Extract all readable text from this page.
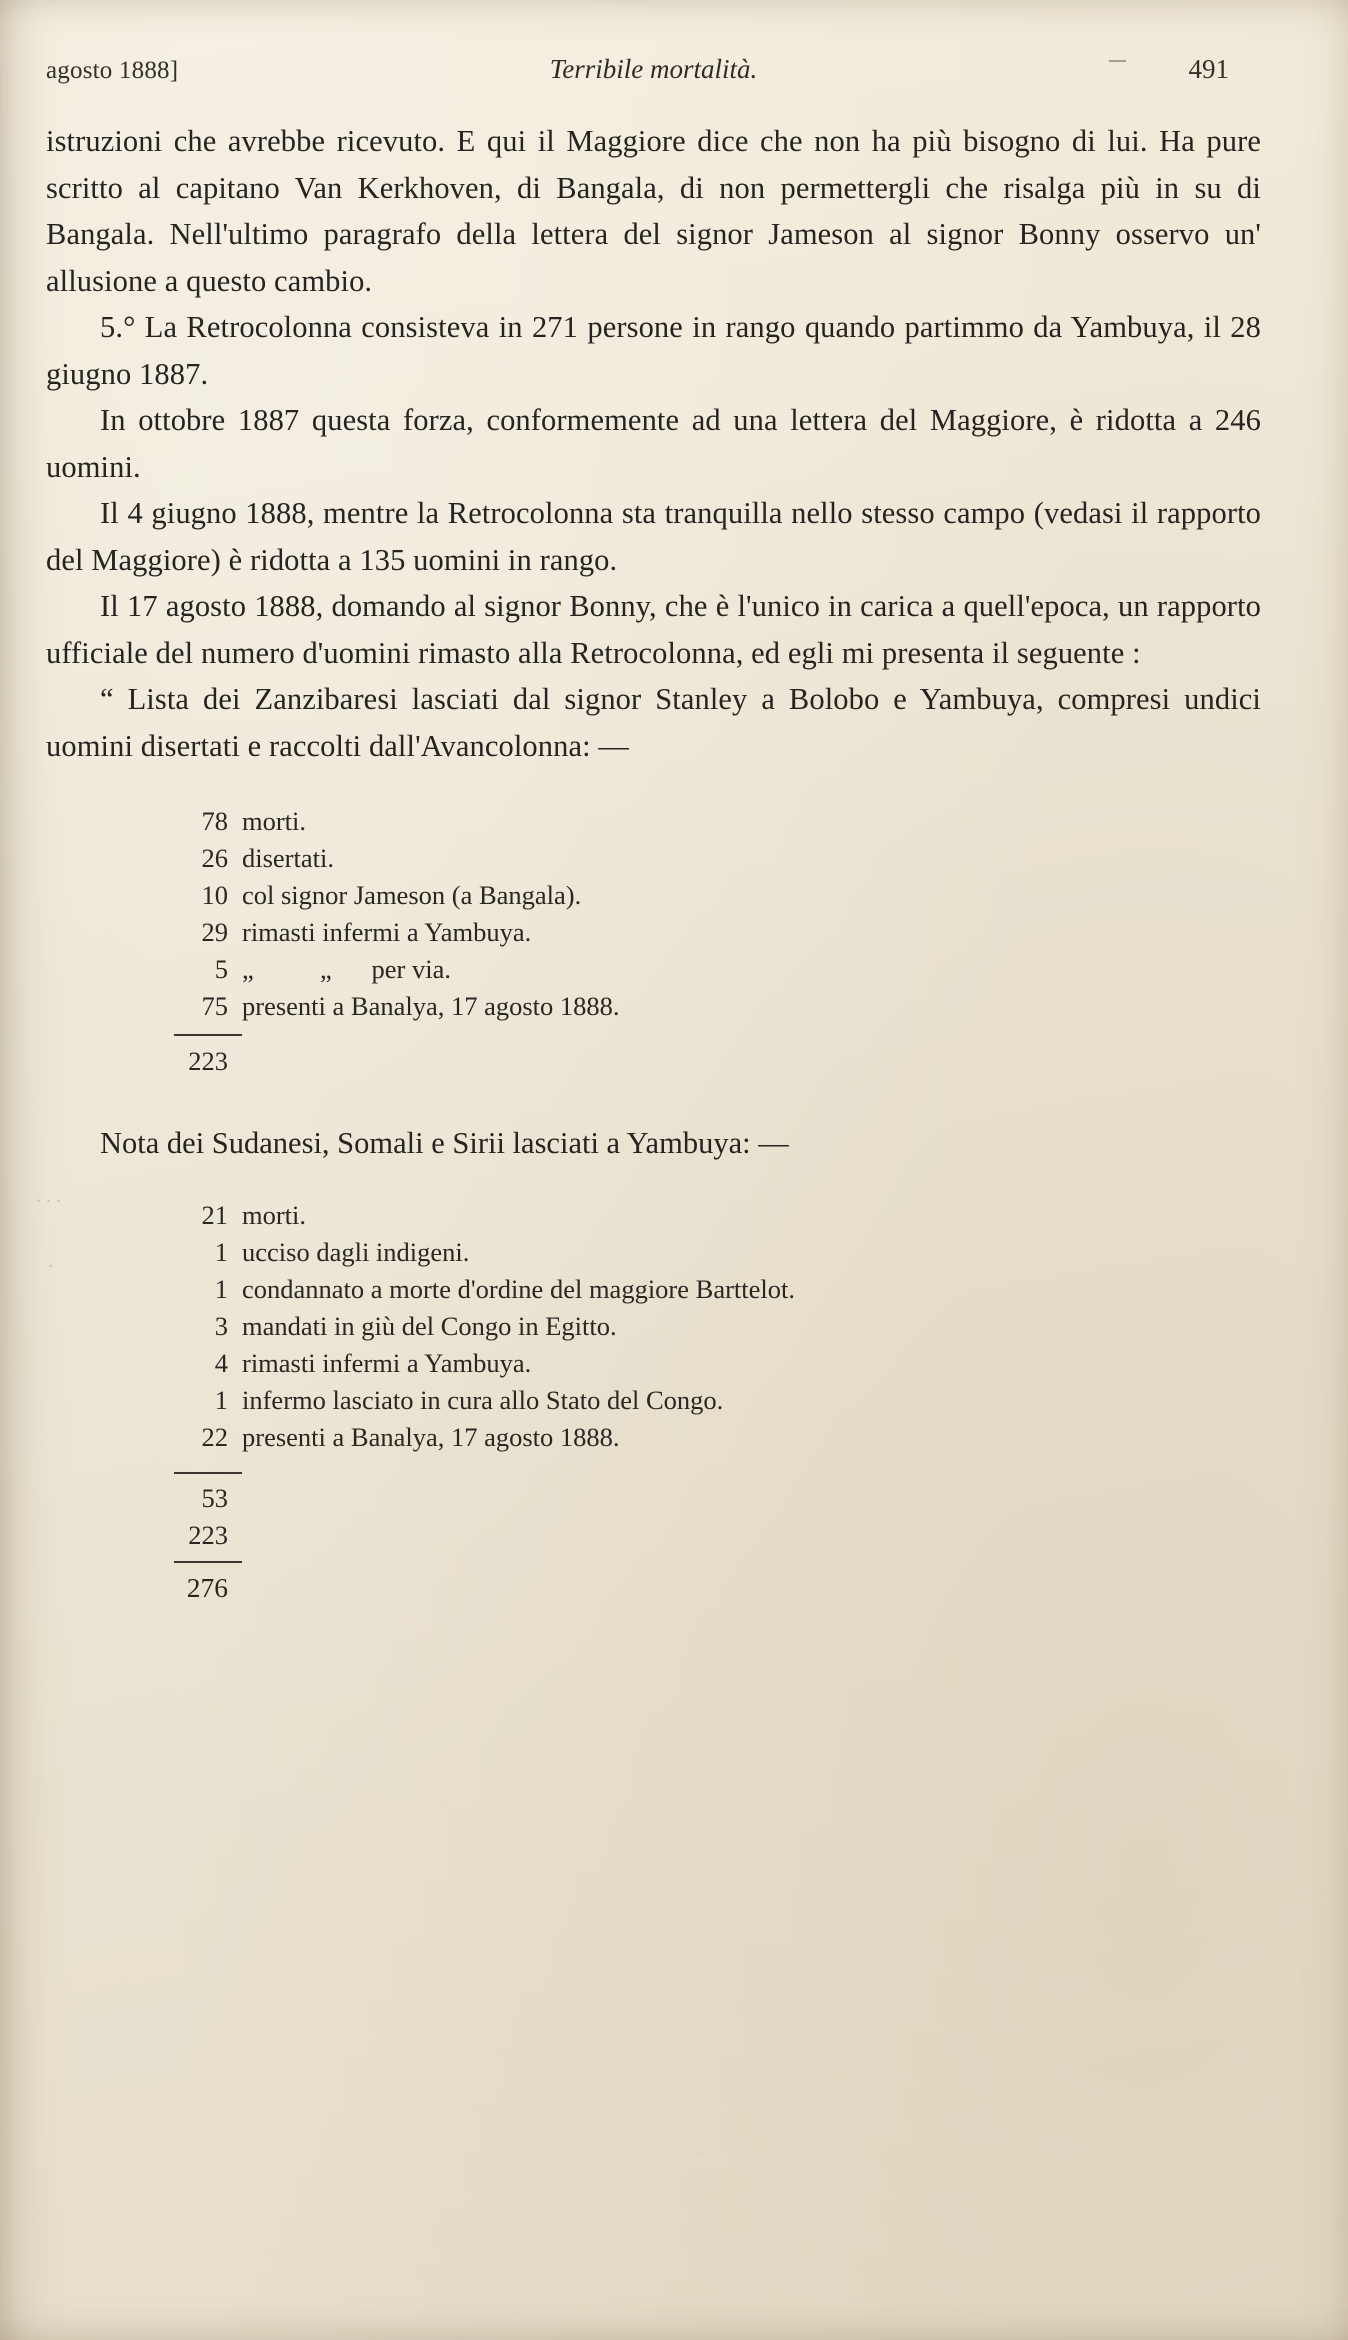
agosto 1888]	Terribile mortalità.	491

istruzioni che avrebbe ricevuto. E qui il Maggiore dice che non ha più bisogno di lui. Ha pure scritto al capitano Van Kerkhoven, di Bangala, di non permettergli che risalga più in su di Bangala. Nell'ultimo paragrafo della lettera del signor Jameson al signor Bonny osservo un' allusione a questo cambio.

5.° La Retrocolonna consisteva in 271 persone in rango quando partimmo da Yambuya, il 28 giugno 1887.

In ottobre 1887 questa forza, conformemente ad una lettera del Maggiore, è ridotta a 246 uomini.

Il 4 giugno 1888, mentre la Retrocolonna sta tranquilla nello stesso campo (vedasi il rapporto del Maggiore) è ridotta a 135 uomini in rango.

Il 17 agosto 1888, domando al signor Bonny, che è l'unico in carica a quell'epoca, un rapporto ufficiale del numero d'uomini rimasto alla Retrocolonna, ed egli mi presenta il seguente :

“ Lista dei Zanzibaresi lasciati dal signor Stanley a Bolobo e Yambuya, compresi undici uomini disertati e raccolti dall'Avancolonna: —

78 morti.
26 disertati.
10 col signor Jameson (a Bangala).
29 rimasti infermi a Yambuya.
5 „          „      per via.
75 presenti a Banalya, 17 agosto 1888.
223

Nota dei Sudanesi, Somali e Sirii lasciati a Yambuya: —

21 morti.
1 ucciso dagli indigeni.
1 condannato a morte d'ordine del maggiore Barttelot.
3 mandati in giù del Congo in Egitto.
4 rimasti infermi a Yambuya.
1 infermo lasciato in cura allo Stato del Congo.
22 presenti a Banalya, 17 agosto 1888.
53
223
276
. . .
.
